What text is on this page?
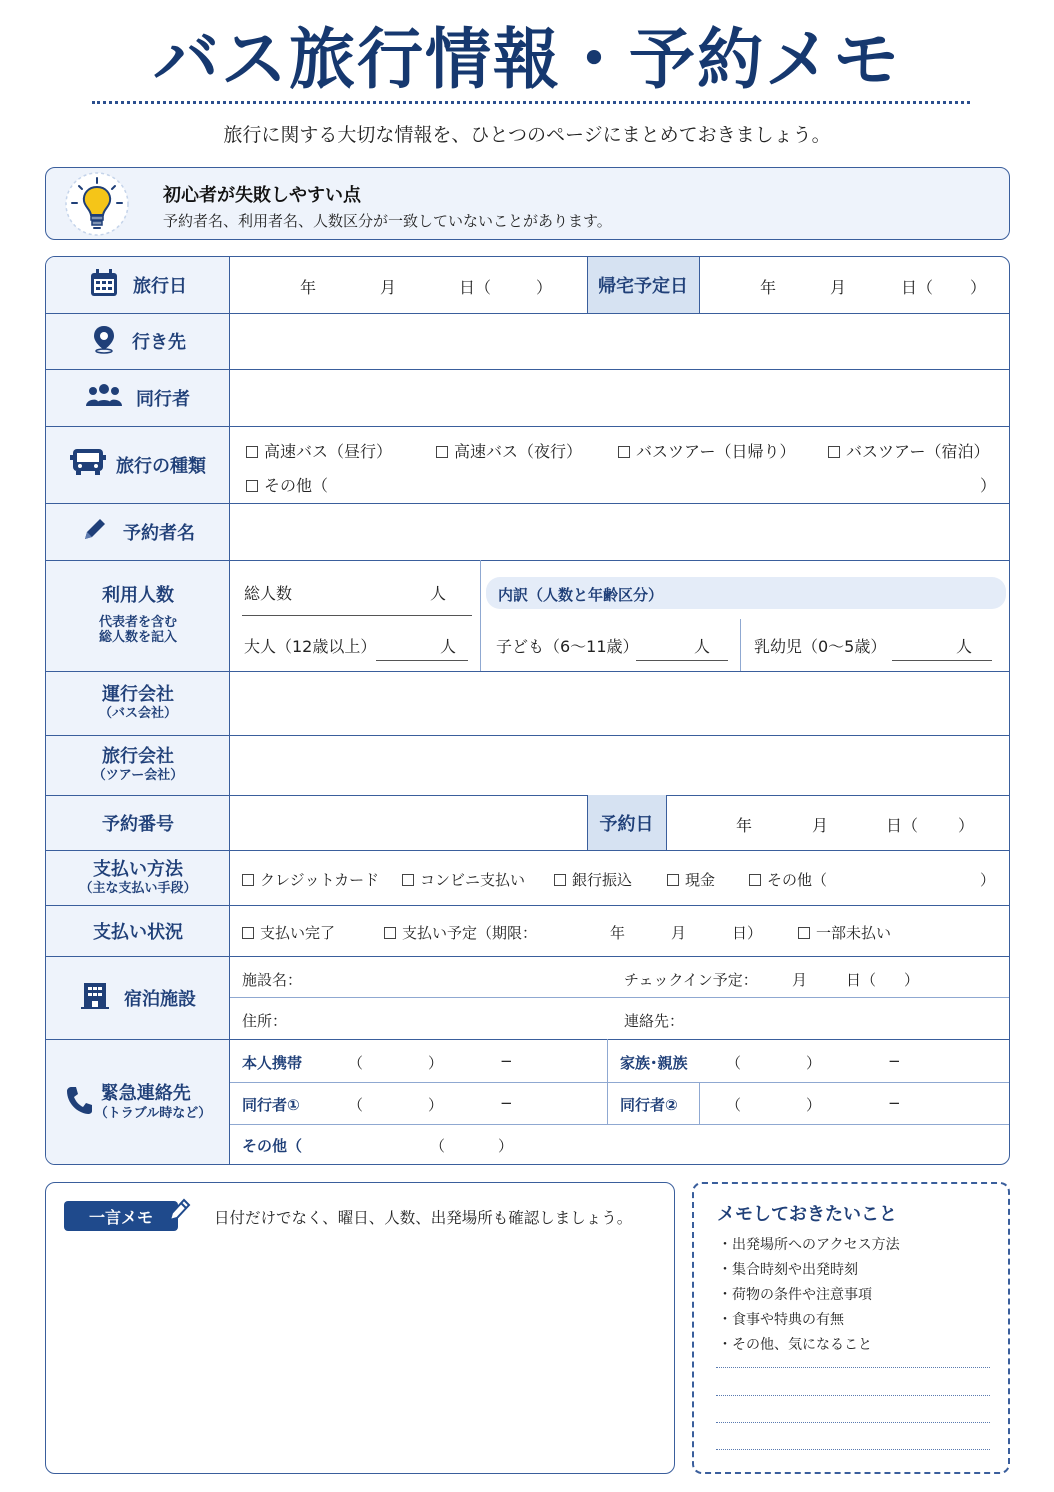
バス旅行情報・予約メモ
旅行に関する大切な情報を、ひとつのページにまとめておきましょう。
初心者が失敗しやすい点
予約者名、利用者名、人数区分が一致していないことがあります。
旅行日	年	月	日（	）	帰宅予定日	年	月	日（ ）
行き先
同行者
旅行の種類
高速バス（昼行）	高速バス（夜行）	バスツアー（日帰り）	バスツアー（宿泊）
その他（	）
予約者名
利用人数
代表者を含む
総人数を記入
総人数	人	内訳（人数と年齢区分）
大人（12歳以上）	人 子ども（6〜11歳）	人	乳幼児（0〜5歳）	人
運行会社
（バス会社）
旅行会社
（ツアー会社）
予約番号	予約日	年	月	日（ ）
支払い方法
（主な支払い手段）	クレジットカード	コンビニ支払い	銀行振込	現金	その他（	）
支払い状況	支払い完了	支払い予定（期限：	年	月	日）	一部未払い
宿泊施設
施設名：	チェックイン予定： 月	日（ ）
住所：	連絡先：
緊急連絡先
（トラブル時など）
本人携帯	（	）	−	家族･親族	（	）	−
同行者①	（	）	−	同行者②	（	）	−
その他（	（	）
一言メモ	日付だけでなく、曜日、人数、出発場所も確認しましょう。	メモしておきたいこと
・出発場所へのアクセス方法
・集合時刻や出発時刻
・荷物の条件や注意事項
・食事や特典の有無
・その他、気になること
